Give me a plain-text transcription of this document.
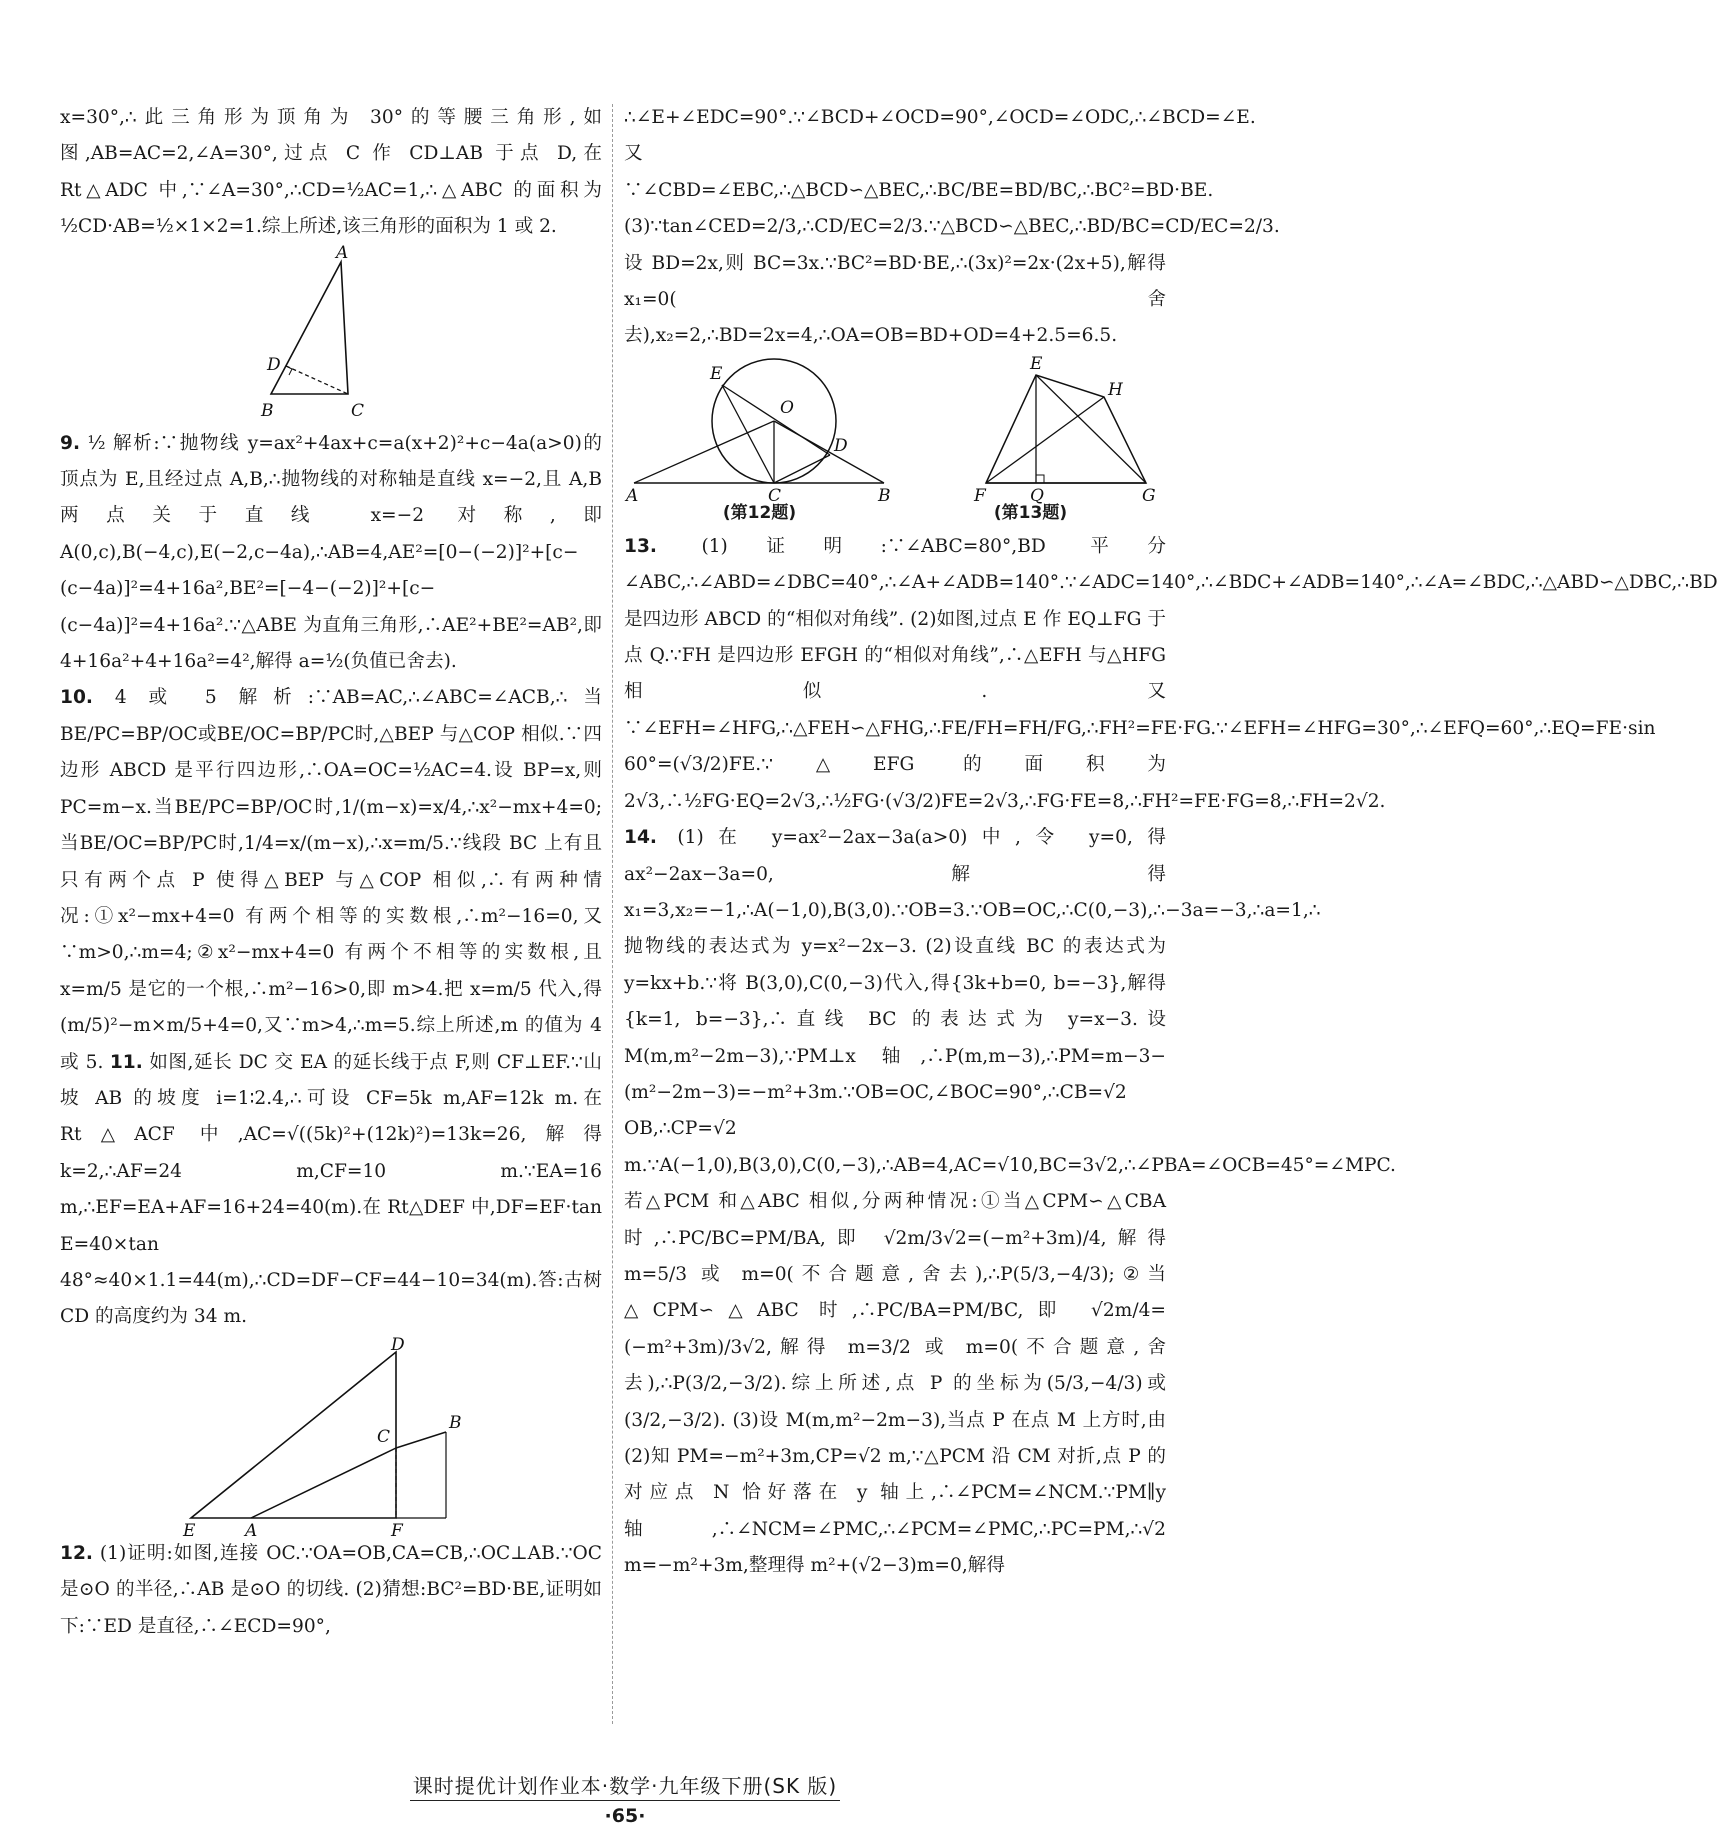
x=30°,∴此三角形为顶角为 30°的等腰三角形,如图,AB=AC=2,∠A=30°,过点 C 作 CD⊥AB 于点 D,在 Rt△ADC 中,∵∠A=30°,∴CD=½AC=1,∴△ABC 的面积为½CD·AB=½×1×2=1.综上所述,该三角形的面积为 1 或 2.

A
B	C
D

9. ½ 解析:∵抛物线 y=ax²+4ax+c=a(x+2)²+c−4a(a>0)的顶点为 E,且经过点 A,B,∴抛物线的对称轴是直线 x=−2,且 A,B 两点关于直线 x=−2 对称,即 A(0,c),B(−4,c),E(−2,c−4a),∴AB=4,AE²=[0−(−2)]²+[c−(c−4a)]²=4+16a²,BE²=[−4−(−2)]²+[c−(c−4a)]²=4+16a².∵△ABE 为直角三角形,∴AE²+BE²=AB²,即 4+16a²+4+16a²=4²,解得 a=½(负值已舍去).

10. 4 或 5 解析:∵AB=AC,∴∠ABC=∠ACB,∴当BE/PC=BP/OC或BE/OC=BP/PC时,△BEP 与△COP 相似.∵四边形 ABCD 是平行四边形,∴OA=OC=½AC=4.设 BP=x,则 PC=m−x.当BE/PC=BP/OC时,1/(m−x)=x/4,∴x²−mx+4=0;当BE/OC=BP/PC时,1/4=x/(m−x),∴x=m/5.∵线段 BC 上有且只有两个点 P 使得△BEP 与△COP 相似,∴有两种情况:①x²−mx+4=0 有两个相等的实数根,∴m²−16=0,又∵m>0,∴m=4;②x²−mx+4=0 有两个不相等的实数根,且 x=m/5 是它的一个根,∴m²−16>0,即 m>4.把 x=m/5 代入,得(m/5)²−m×m/5+4=0,又∵m>4,∴m=5.综上所述,m 的值为 4 或 5. 11. 如图,延长 DC 交 EA 的延长线于点 F,则 CF⊥EF.∵山坡 AB 的坡度 i=1∶2.4,∴可设 CF=5k m,AF=12k m.在 Rt△ACF 中,AC=√((5k)²+(12k)²)=13k=26,解得 k=2,∴AF=24 m,CF=10 m.∵EA=16 m,∴EF=EA+AF=16+24=40(m).在 Rt△DEF 中,DF=EF·tan E=40×tan 48°≈40×1.1=44(m),∴CD=DF−CF=44−10=34(m).答:古树 CD 的高度约为 34 m.

D
B
C
E	A	F

12. (1)证明:如图,连接 OC.∵OA=OB,CA=CB,∴OC⊥AB.∵OC 是⊙O 的半径,∴AB 是⊙O 的切线. (2)猜想:BC²=BD·BE,证明如下:∵ED 是直径,∴∠ECD=90°,

∴∠E+∠EDC=90°.∵∠BCD+∠OCD=90°,∠OCD=∠ODC,∴∠BCD=∠E.又∵∠CBD=∠EBC,∴△BCD∽△BEC,∴BC/BE=BD/BC,∴BC²=BD·BE. (3)∵tan∠CED=2/3,∴CD/EC=2/3.∵△BCD∽△BEC,∴BD/BC=CD/EC=2/3.设 BD=2x,则 BC=3x.∵BC²=BD·BE,∴(3x)²=2x·(2x+5),解得 x₁=0(舍去),x₂=2,∴BD=2x=4,∴OA=OB=BD+OD=4+2.5=6.5.

E
O
D
A	C	B
E
H
F	Q	G
(第12题)	(第13题)

13. (1)证明:∵∠ABC=80°,BD 平分∠ABC,∴∠ABD=∠DBC=40°,∴∠A+∠ADB=140°.∵∠ADC=140°,∴∠BDC+∠ADB=140°,∴∠A=∠BDC,∴△ABD∽△DBC,∴BD 是四边形 ABCD 的“相似对角线”. (2)如图,过点 E 作 EQ⊥FG 于点 Q.∵FH 是四边形 EFGH 的“相似对角线”,∴△EFH 与△HFG 相似.又∵∠EFH=∠HFG,∴△FEH∽△FHG,∴FE/FH=FH/FG,∴FH²=FE·FG.∵∠EFH=∠HFG=30°,∴∠EFQ=60°,∴EQ=FE·sin 60°=(√3/2)FE.∵△EFG 的面积为 2√3,∴½FG·EQ=2√3,∴½FG·(√3/2)FE=2√3,∴FG·FE=8,∴FH²=FE·FG=8,∴FH=2√2. 14. (1)在 y=ax²−2ax−3a(a>0)中,令 y=0,得 ax²−2ax−3a=0,解得 x₁=3,x₂=−1,∴A(−1,0),B(3,0).∵OB=3.∵OB=OC,∴C(0,−3),∴−3a=−3,∴a=1,∴抛物线的表达式为 y=x²−2x−3. (2)设直线 BC 的表达式为 y=kx+b.∵将 B(3,0),C(0,−3)代入,得{3k+b=0, b=−3},解得{k=1, b=−3},∴直线 BC 的表达式为 y=x−3.设 M(m,m²−2m−3),∵PM⊥x 轴,∴P(m,m−3),∴PM=m−3−(m²−2m−3)=−m²+3m.∵OB=OC,∠BOC=90°,∴CB=√2 OB,∴CP=√2 m.∵A(−1,0),B(3,0),C(0,−3),∴AB=4,AC=√10,BC=3√2,∴∠PBA=∠OCB=45°=∠MPC.若△PCM 和△ABC 相似,分两种情况:①当△CPM∽△CBA 时,∴PC/BC=PM/BA,即 √2m/3√2=(−m²+3m)/4,解得 m=5/3 或 m=0(不合题意,舍去),∴P(5/3,−4/3);②当△CPM∽△ABC 时,∴PC/BA=PM/BC,即 √2m/4=(−m²+3m)/3√2,解得 m=3/2 或 m=0(不合题意,舍去),∴P(3/2,−3/2).综上所述,点 P 的坐标为(5/3,−4/3)或(3/2,−3/2). (3)设 M(m,m²−2m−3),当点 P 在点 M 上方时,由(2)知 PM=−m²+3m,CP=√2 m,∵△PCM 沿 CM 对折,点 P 的对应点 N 恰好落在 y 轴上,∴∠PCM=∠NCM.∵PM∥y 轴,∴∠NCM=∠PMC,∴∠PCM=∠PMC,∴PC=PM,∴√2 m=−m²+3m,整理得 m²+(√2−3)m=0,解得

课时提优计划作业本·数学·九年级下册(SK 版)
·65·
